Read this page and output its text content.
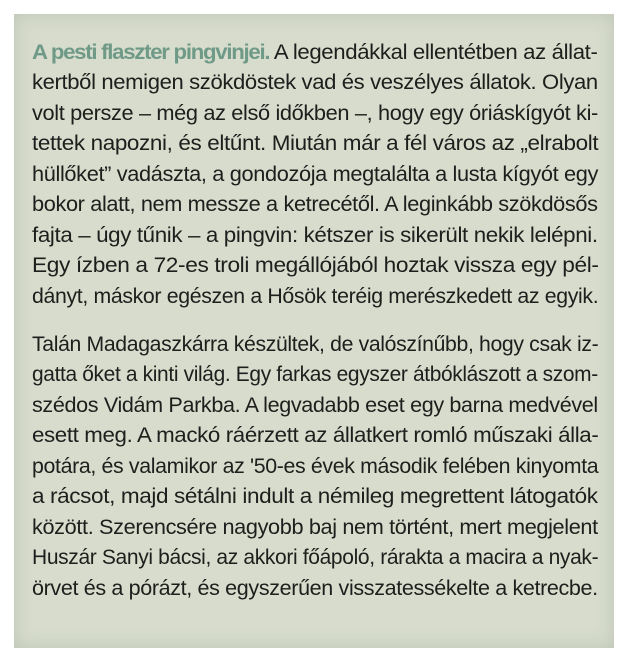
A pesti flaszter pingvinjei. A legendákkal ellentétben az állat-
kertből nemigen szökdöstek vad és veszélyes állatok. Olyan
volt persze – még az első időkben –, hogy egy óriáskígyót ki-
tettek napozni, és eltűnt. Miután már a fél város az „elrabolt
hüllőket” vadászta, a gondozója megtalálta a lusta kígyót egy
bokor alatt, nem messze a ketrecétől. A leginkább szökdösős
fajta – úgy tűnik – a pingvin: kétszer is sikerült nekik lelépni.
Egy ízben a 72-es troli megállójából hoztak vissza egy pél-
dányt, máskor egészen a Hősök teréig merészkedett az egyik.
Talán Madagaszkárra készültek, de valószínűbb, hogy csak iz-
gatta őket a kinti világ. Egy farkas egyszer átbóklászott a szom-
szédos Vidám Parkba. A legvadabb eset egy barna medvével
esett meg. A mackó ráérzett az állatkert romló műszaki álla-
potára, és valamikor az '50-es évek második felében kinyomta
a rácsot, majd sétálni indult a némileg megrettent látogatók
között. Szerencsére nagyobb baj nem történt, mert megjelent
Huszár Sanyi bácsi, az akkori főápoló, rárakta a macira a nyak-
örvet és a pórázt, és egyszerűen visszatessékelte a ketrecbe.
